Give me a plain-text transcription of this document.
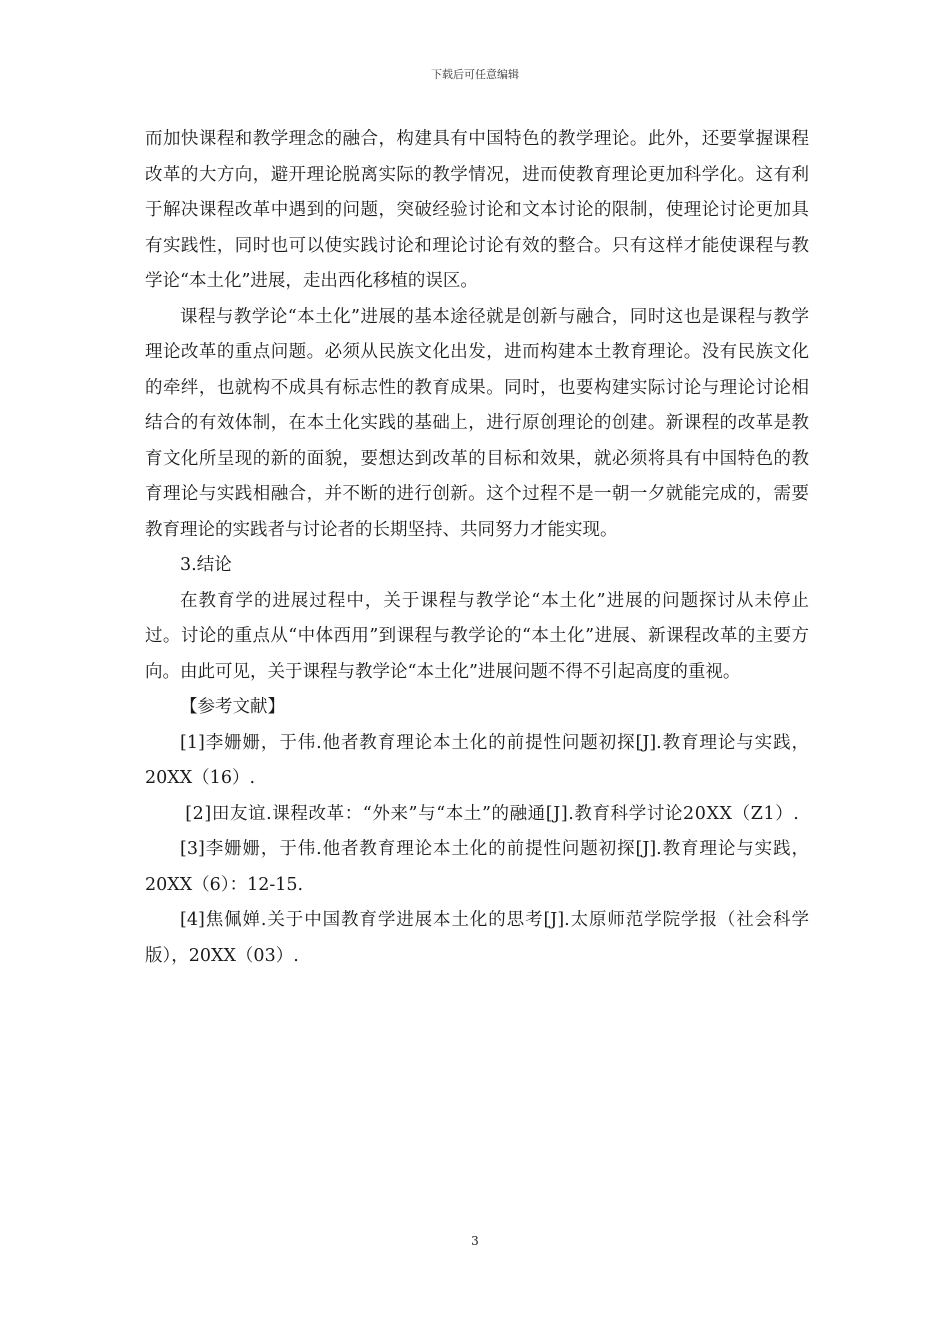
下载后可任意编辑

而加快课程和教学理念的融合，构建具有中国特色的教学理论。此外，还要掌握课程改革的大方向，避开理论脱离实际的教学情况，进而使教育理论更加科学化。这有利于解决课程改革中遇到的问题，突破经验讨论和文本讨论的限制，使理论讨论更加具有实践性，同时也可以使实践讨论和理论讨论有效的整合。只有这样才能使课程与教学论“本土化”进展，走出西化移植的误区。

课程与教学论“本土化”进展的基本途径就是创新与融合，同时这也是课程与教学理论改革的重点问题。必须从民族文化出发，进而构建本土教育理论。没有民族文化的牵绊，也就构不成具有标志性的教育成果。同时，也要构建实际讨论与理论讨论相结合的有效体制，在本土化实践的基础上，进行原创理论的创建。新课程的改革是教育文化所呈现的新的面貌，要想达到改革的目标和效果，就必须将具有中国特色的教育理论与实践相融合，并不断的进行创新。这个过程不是一朝一夕就能完成的，需要教育理论的实践者与讨论者的长期坚持、共同努力才能实现。

3.结论

在教育学的进展过程中，关于课程与教学论“本土化”进展的问题探讨从未停止过。讨论的重点从“中体西用”到课程与教学论的“本土化”进展、新课程改革的主要方向。由此可见，关于课程与教学论“本土化”进展问题不得不引起高度的重视。

【参考文献】

[1]李姗姗，于伟.他者教育理论本土化的前提性问题初探[J].教育理论与实践，20XX（16）.

[2]田友谊.课程改革：“外来”与“本土”的融通[J].教育科学讨论20XX（Z1）.

[3]李姗姗，于伟.他者教育理论本土化的前提性问题初探[J].教育理论与实践，20XX（6）：12-15.

[4]焦佩婵.关于中国教育学进展本土化的思考[J].太原师范学院学报（社会科学版），20XX（03）.

3
